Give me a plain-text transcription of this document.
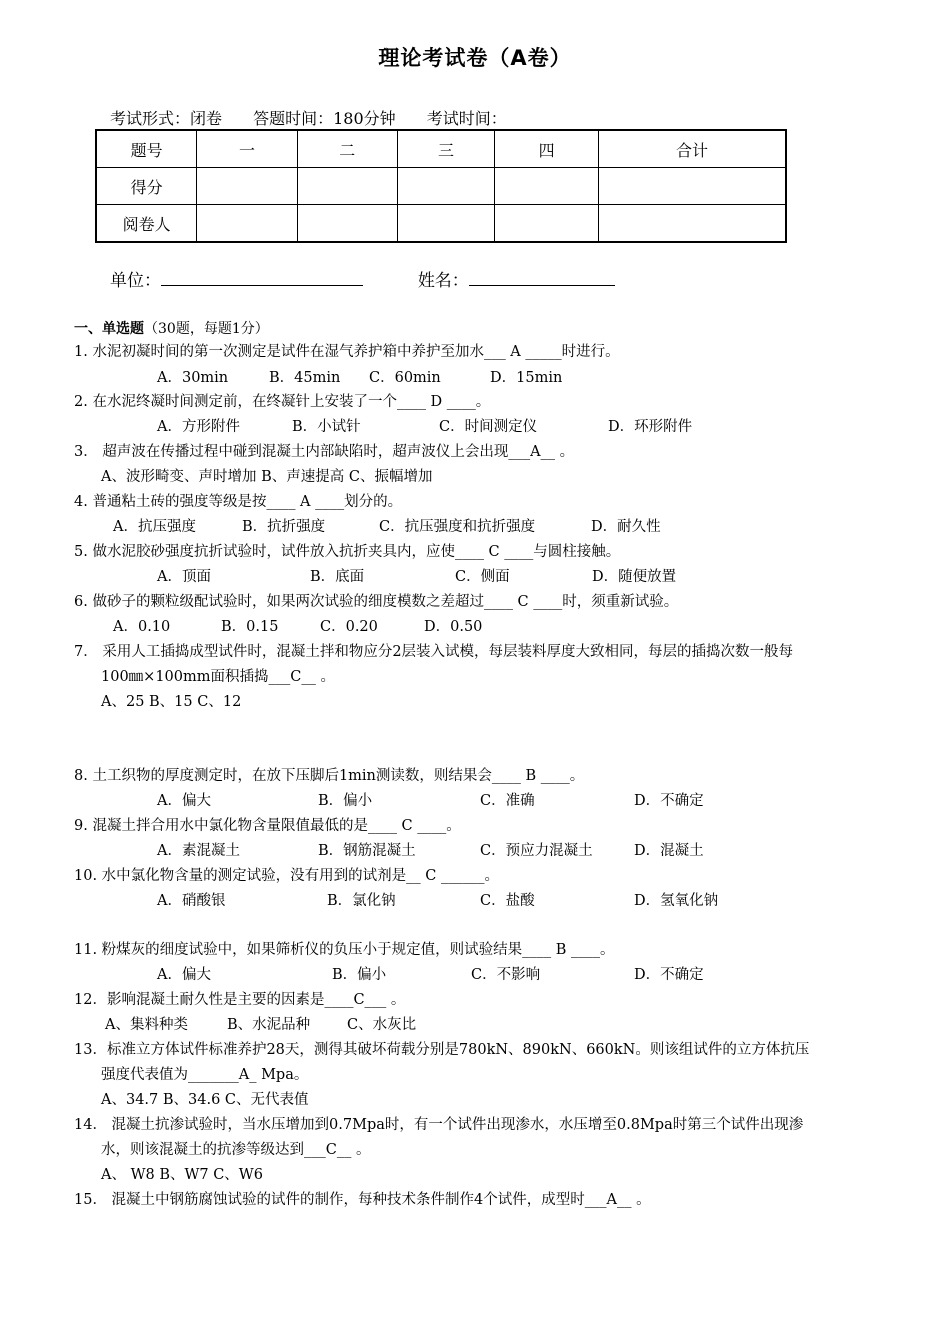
理论考试卷（A卷）
考试形式：闭卷 答题时间：180分钟 考试时间：
题号	一	二	三	四	合计
得分					
阅卷人					
单位：	姓名：
一、单选题（30题，每题1分）
1. 水泥初凝时间的第一次测定是试件在湿气养护箱中养护至加水___ A _____时进行。
A．30min	B．45min C．60min	D．15min
2. 在水泥终凝时间测定前，在终凝针上安装了一个____ D ____。
A．方形附件	B．小试针	C．时间测定仪	D．环形附件
3． 超声波在传播过程中碰到混凝土内部缺陷时，超声波仪上会出现___A__ 。
A、波形畸变、声时增加 B、声速提高 C、振幅增加
4. 普通粘土砖的强度等级是按____ A ____划分的。
A．抗压强度	B．抗折强度	C．抗压强度和抗折强度	D．耐久性
5. 做水泥胶砂强度抗折试验时，试件放入抗折夹具内，应使____ C ____与圆柱接触。
A．顶面	B．底面	C．侧面	D．随便放置
6. 做砂子的颗粒级配试验时，如果两次试验的细度模数之差超过____ C ____时，须重新试验。
A．0.10	B．0.15	C．0.20	D．0.50
7． 采用人工插捣成型试件时，混凝土拌和物应分2层装入试模，每层装料厚度大致相同，每层的插捣次数一般每
100㎜×100mm面积插捣___C__ 。
A、25 B、15 C、12
8. 土工织物的厚度测定时，在放下压脚后1min测读数，则结果会____ B ____。
A．偏大	B．偏小	C．准确	D．不确定
9. 混凝土拌合用水中氯化物含量限值最低的是____ C ____。
A．素混凝土	B．钢筋混凝土	C．预应力混凝土	D．混凝土
10. 水中氯化物含量的测定试验，没有用到的试剂是__ C ______。
A．硝酸银	B．氯化钠	C．盐酸	D．氢氧化钠
11. 粉煤灰的细度试验中，如果筛析仪的负压小于规定值，则试验结果____ B ____。
A．偏大	B．偏小	C．不影响	D．不确定
12．影响混凝土耐久性是主要的因素是____C___ 。
A、集料种类	B、水泥品种	C、水灰比
13．标准立方体试件标准养护28天，测得其破坏荷载分别是780kN、890kN、660kN。则该组试件的立方体抗压
强度代表值为_______A_ Mpa。
A、34.7 B、34.6 C、无代表值
14． 混凝土抗渗试验时，当水压增加到0.7Mpa时，有一个试件出现渗水，水压增至0.8Mpa时第三个试件出现渗
水，则该混凝土的抗渗等级达到___C__ 。
A、 W8 B、W7 C、W6
15． 混凝土中钢筋腐蚀试验的试件的制作，每种技术条件制作4个试件，成型时___A__ 。
